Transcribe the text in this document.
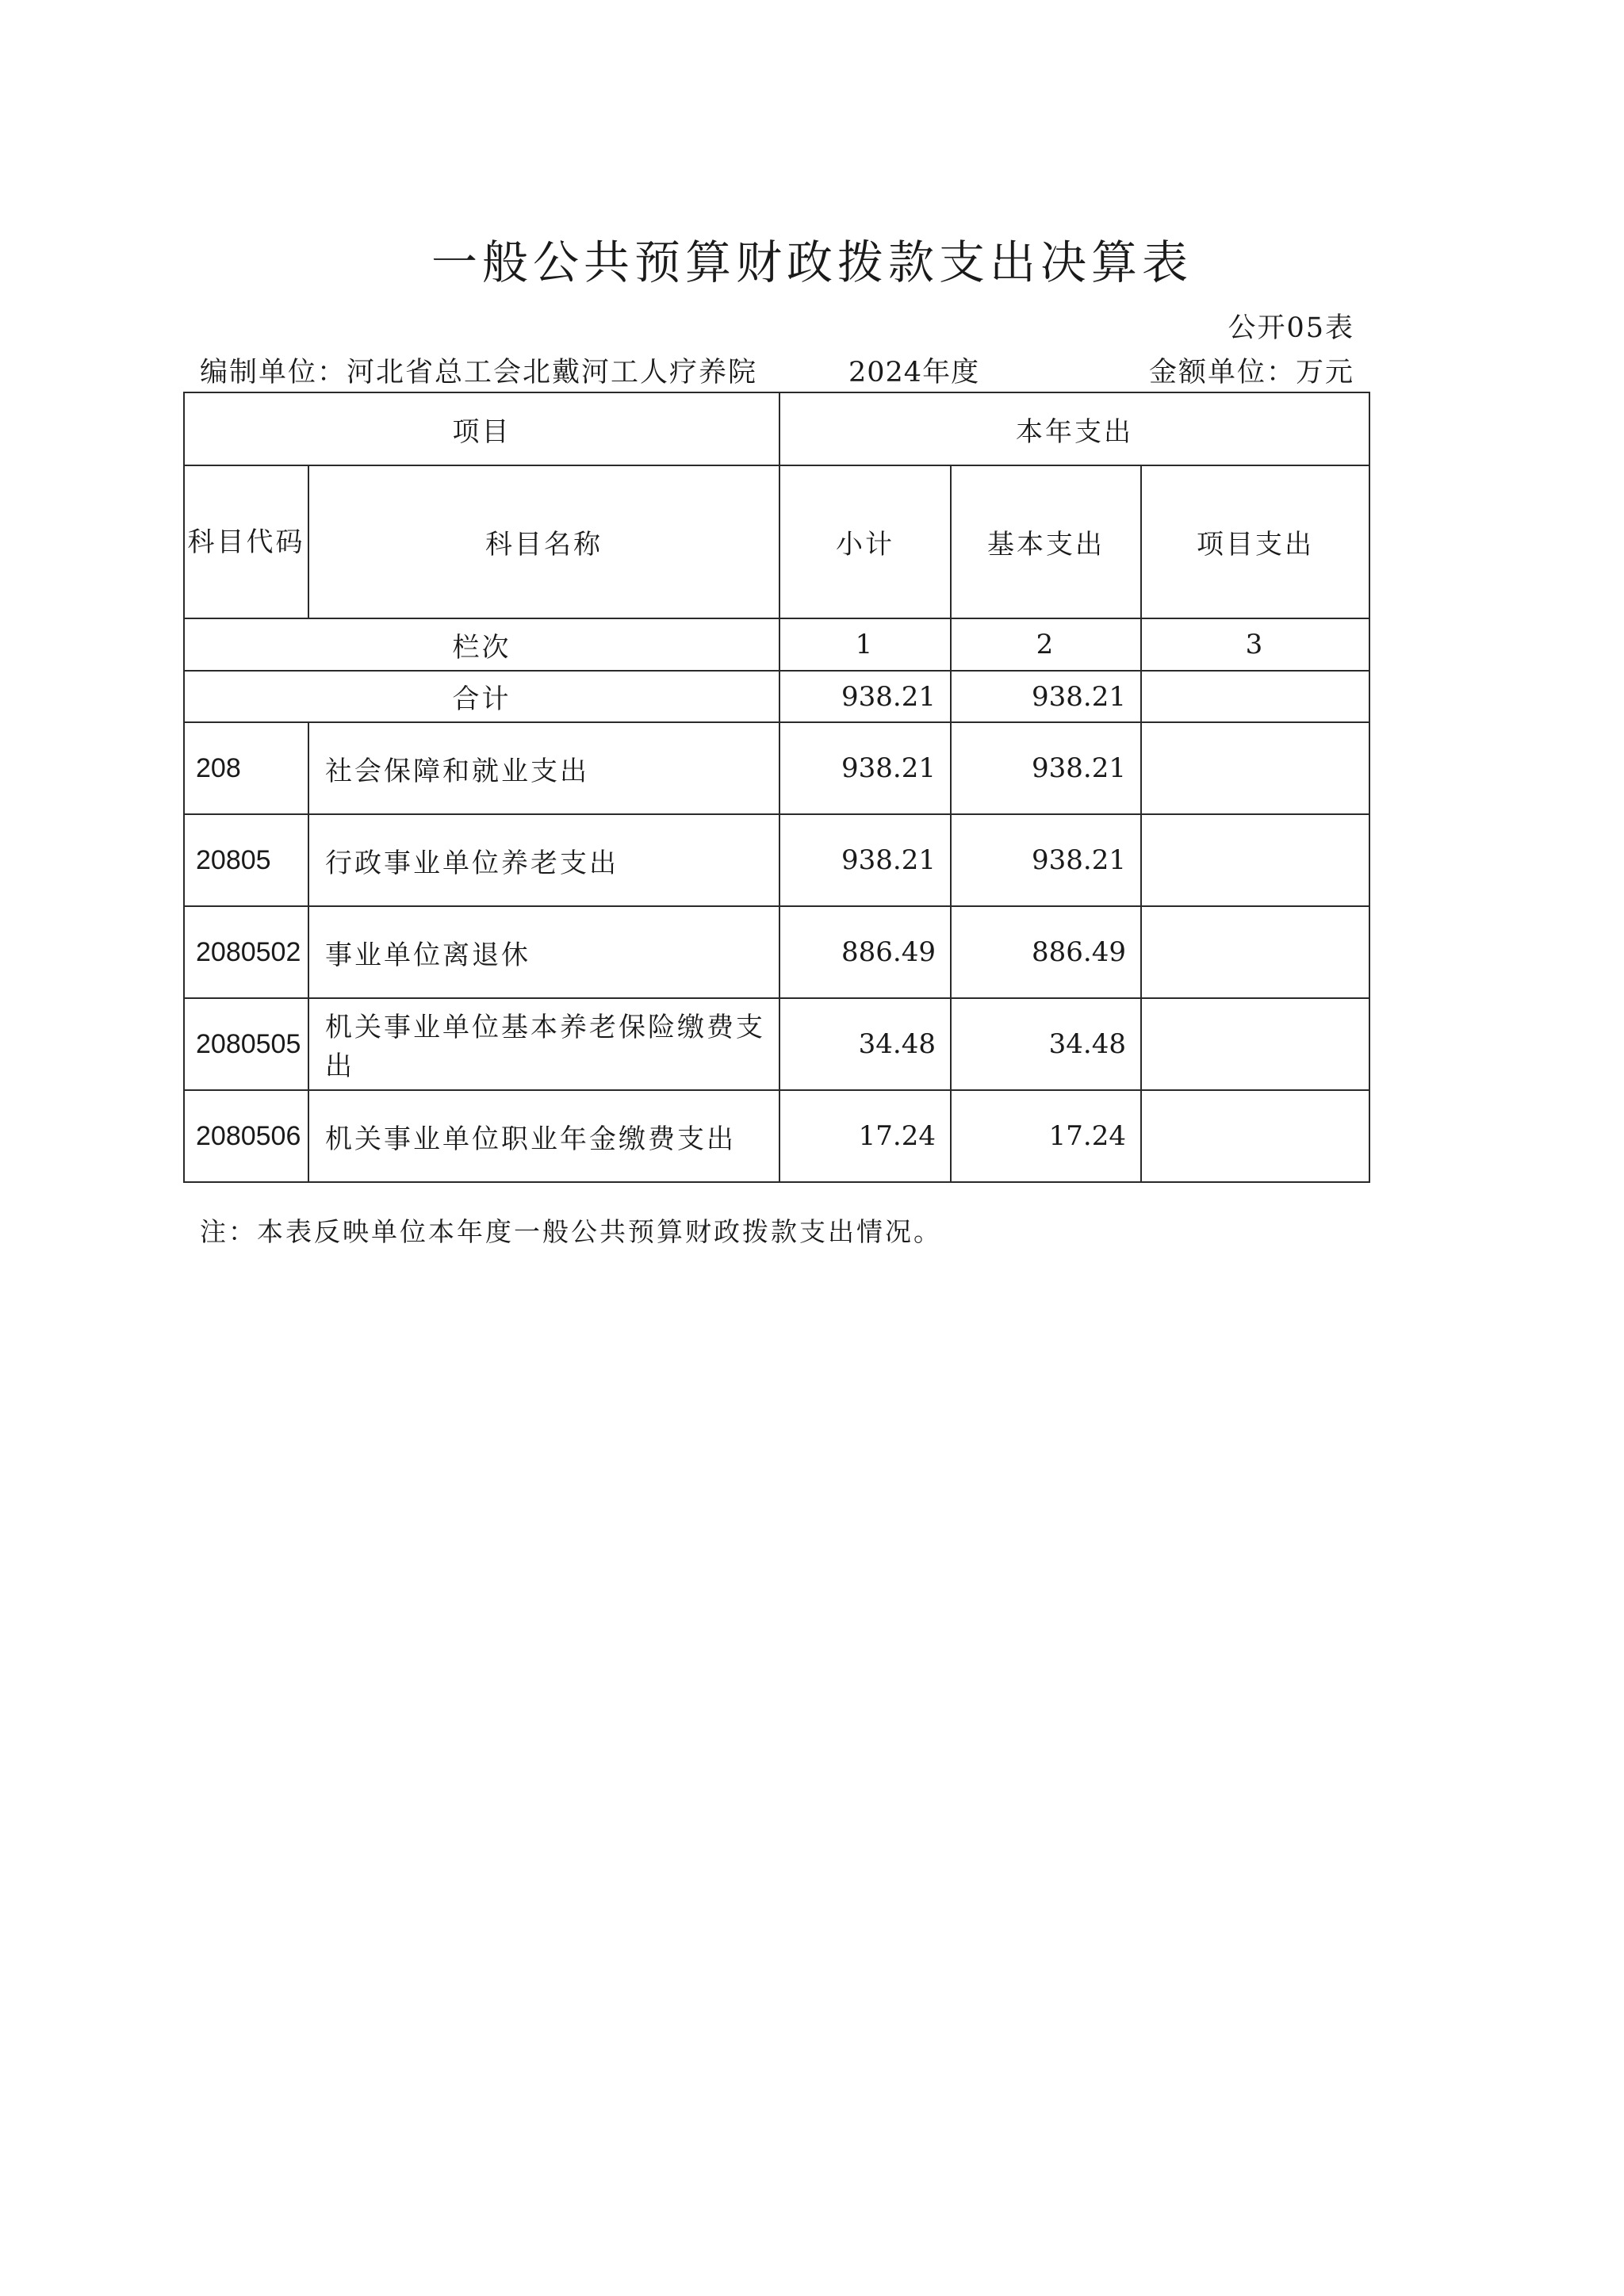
一般公共预算财政拨款支出决算表
公开05表
编制单位：河北省总工会北戴河工人疗养院	2024年度	金额单位：万元
项目		本年支出		
科目代码	科目名称	小计	基本支出	项目支出
栏次		1	2	3
合计		938.21	938.21	
208	社会保障和就业支出	938.21	938.21	
20805	行政事业单位养老支出	938.21	938.21	
2080502	事业单位离退休	886.49	886.49	
2080505	机关事业单位基本养老保险缴费支出	34.48	34.48	
2080506	机关事业单位职业年金缴费支出	17.24	17.24	
注：本表反映单位本年度一般公共预算财政拨款支出情况。
